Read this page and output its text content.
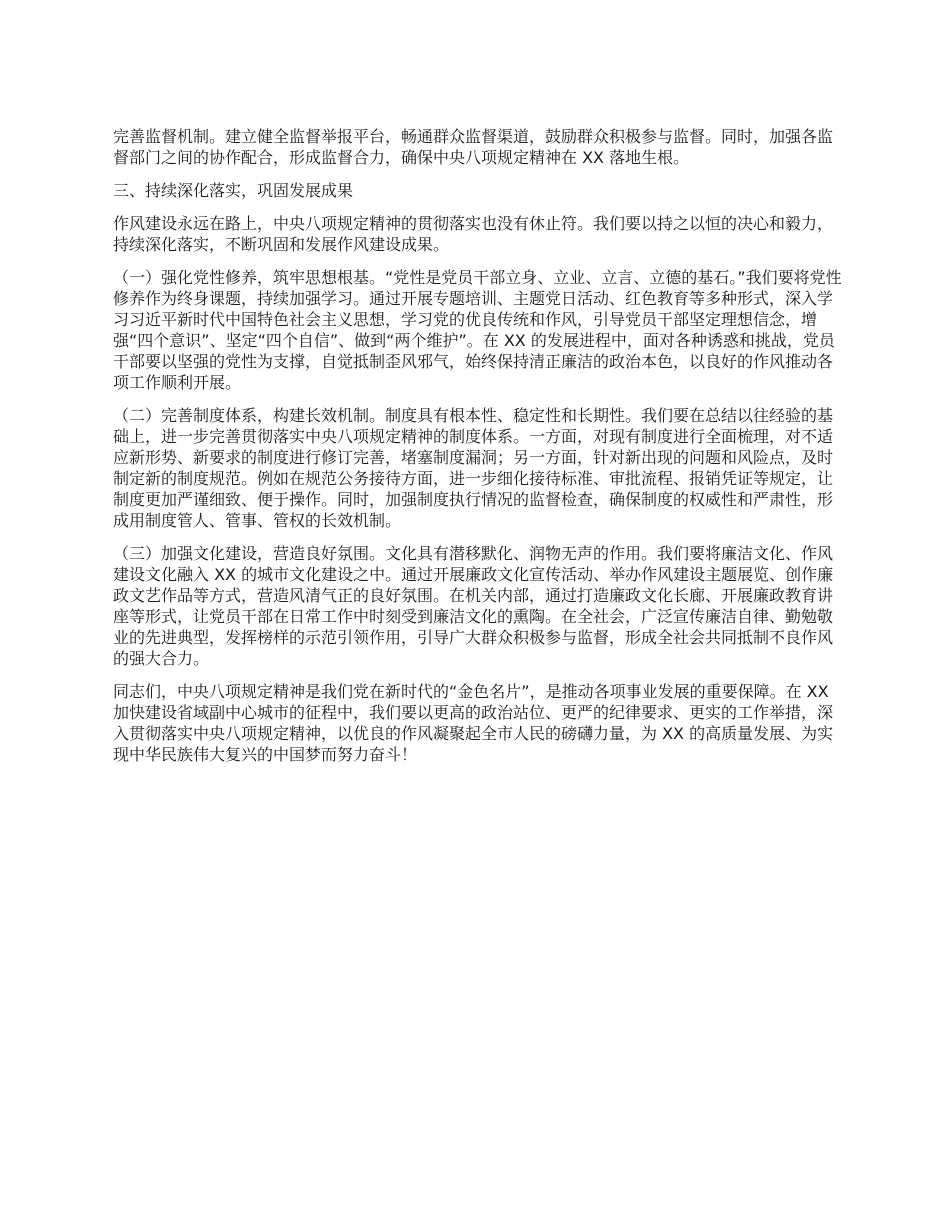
完善监督机制。建立健全监督举报平台，畅通群众监督渠道，鼓励群众积极参与监督。同时，加强各监督部门之间的协作配合，形成监督合力，确保中央八项规定精神在 XX 落地生根。

三、持续深化落实，巩固发展成果

作风建设永远在路上，中央八项规定精神的贯彻落实也没有休止符。我们要以持之以恒的决心和毅力，持续深化落实，不断巩固和发展作风建设成果。

（一）强化党性修养，筑牢思想根基。“党性是党员干部立身、立业、立言、立德的基石。”我们要将党性修养作为终身课题，持续加强学习。通过开展专题培训、主题党日活动、红色教育等多种形式，深入学习习近平新时代中国特色社会主义思想，学习党的优良传统和作风，引导党员干部坚定理想信念，增强“四个意识”、坚定“四个自信”、做到“两个维护”。在 XX 的发展进程中，面对各种诱惑和挑战，党员干部要以坚强的党性为支撑，自觉抵制歪风邪气，始终保持清正廉洁的政治本色，以良好的作风推动各项工作顺利开展。

（二）完善制度体系，构建长效机制。制度具有根本性、稳定性和长期性。我们要在总结以往经验的基础上，进一步完善贯彻落实中央八项规定精神的制度体系。一方面，对现有制度进行全面梳理，对不适应新形势、新要求的制度进行修订完善，堵塞制度漏洞；另一方面，针对新出现的问题和风险点，及时制定新的制度规范。例如在规范公务接待方面，进一步细化接待标准、审批流程、报销凭证等规定，让制度更加严谨细致、便于操作。同时，加强制度执行情况的监督检查，确保制度的权威性和严肃性，形成用制度管人、管事、管权的长效机制。

（三）加强文化建设，营造良好氛围。文化具有潜移默化、润物无声的作用。我们要将廉洁文化、作风建设文化融入 XX 的城市文化建设之中。通过开展廉政文化宣传活动、举办作风建设主题展览、创作廉政文艺作品等方式，营造风清气正的良好氛围。在机关内部，通过打造廉政文化长廊、开展廉政教育讲座等形式，让党员干部在日常工作中时刻受到廉洁文化的熏陶。在全社会，广泛宣传廉洁自律、勤勉敬业的先进典型，发挥榜样的示范引领作用，引导广大群众积极参与监督，形成全社会共同抵制不良作风的强大合力。

同志们，中央八项规定精神是我们党在新时代的“金色名片”，是推动各项事业发展的重要保障。在 XX 加快建设省域副中心城市的征程中，我们要以更高的政治站位、更严的纪律要求、更实的工作举措，深入贯彻落实中央八项规定精神，以优良的作风凝聚起全市人民的磅礴力量，为 XX 的高质量发展、为实现中华民族伟大复兴的中国梦而努力奋斗！
